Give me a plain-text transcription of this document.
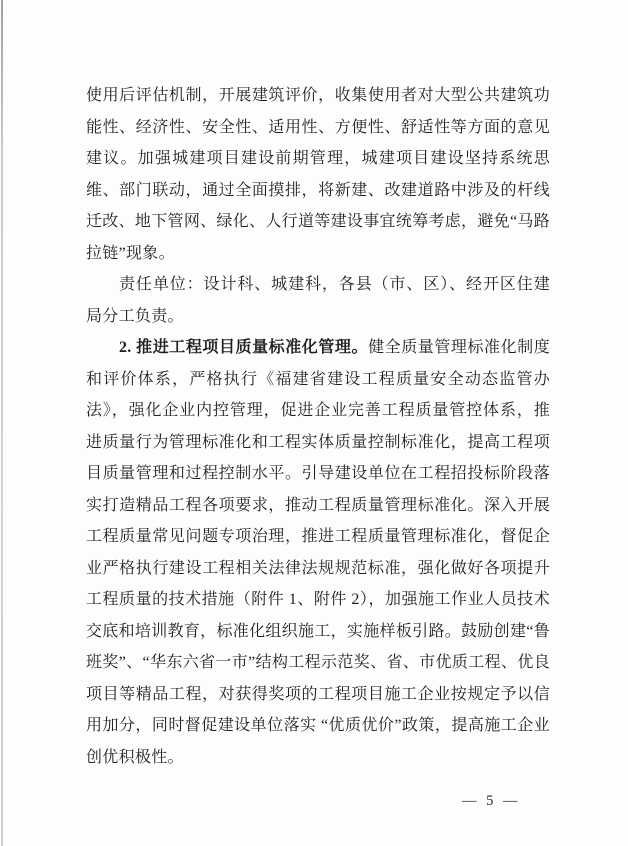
使用后评估机制，开展建筑评价，收集使用者对大型公共建筑功能性、经济性、安全性、适用性、方便性、舒适性等方面的意见建议。加强城建项目建设前期管理，城建项目建设坚持系统思维、部门联动，通过全面摸排，将新建、改建道路中涉及的杆线迁改、地下管网、绿化、人行道等建设事宜统筹考虑，避免“马路拉链”现象。

责任单位：设计科、城建科，各县（市、区）、经开区住建局分工负责。

2. 推进工程项目质量标准化管理。健全质量管理标准化制度和评价体系，严格执行《福建省建设工程质量安全动态监管办法》，强化企业内控管理，促进企业完善工程质量管控体系，推进质量行为管理标准化和工程实体质量控制标准化，提高工程项目质量管理和过程控制水平。引导建设单位在工程招投标阶段落实打造精品工程各项要求，推动工程质量管理标准化。深入开展工程质量常见问题专项治理，推进工程质量管理标准化，督促企业严格执行建设工程相关法律法规规范标准，强化做好各项提升工程质量的技术措施（附件 1、附件 2），加强施工作业人员技术交底和培训教育，标准化组织施工，实施样板引路。鼓励创建“鲁班奖”、“华东六省一市”结构工程示范奖、省、市优质工程、优良项目等精品工程，对获得奖项的工程项目施工企业按规定予以信用加分，同时督促建设单位落实 “优质优价”政策，提高施工企业创优积极性。

— 5 —
